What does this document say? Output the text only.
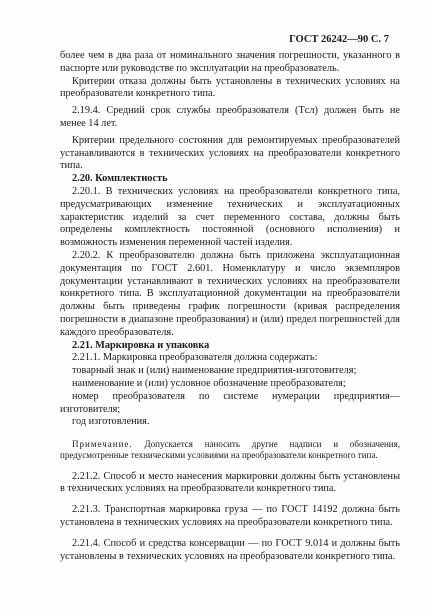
ГОСТ 26242—90 С. 7

более чем в два раза от номинального значения погрешности, указанного в паспорте или руководстве по эксплуатации на преобразователь.

Критерии отказа должны быть установлены в технических условиях на преобразователи конкретного типа.

2.19.4. Средний срок службы преобразователя (Tсл) должен быть не менее 14 лет.

Критерии предельного состояния для ремонтируемых преобразователей устанавливаются в технических условиях на преобразователи конкретного типа.

2.20. Комплектность

2.20.1. В технических условиях на преобразователи конкретного типа, предусматривающих изменение технических и эксплуатационных характеристик изделий за счет переменного состава, должны быть определены комплектность постоянной (основного исполнения) и возможность изменения переменной частей изделия.

2.20.2. К преобразователю должна быть приложена эксплуатационная документация по ГОСТ 2.601. Номенклатуру и число экземпляров документации устанавливают в технических условиях на преобразователи конкретного типа. В эксплуатационной документации на преобразователи должны быть приведены график погрешности (кривая распределения погрешности в диапазоне преобразования) и (или) предел погрешностей для каждого преобразователя.

2.21. Маркировка и упаковка

2.21.1. Маркировка преобразователя должна содержать:

товарный знак и (или) наименование предприятия-изготовителя;

наименование и (или) условное обозначение преобразователя;

номер преобразователя по системе нумерации предприятия—изготовителя;

год изготовления.

Примечание. Допускается наносить другие надписи и обозначения, предусмотренные техническими условиями на преобразователи конкретного типа.

2.21.2. Способ и место нанесения маркировки должны быть установлены в технических условиях на преобразователи конкретного типа.

2.21.3. Транспортная маркировка груза — по ГОСТ 14192 должна быть установлена в технических условиях на преобразователи конкретного типа.

2.21.4. Способ и средства консервации — по ГОСТ 9.014 и должны быть установлены в технических условиях на преобразователи конкретного типа.
